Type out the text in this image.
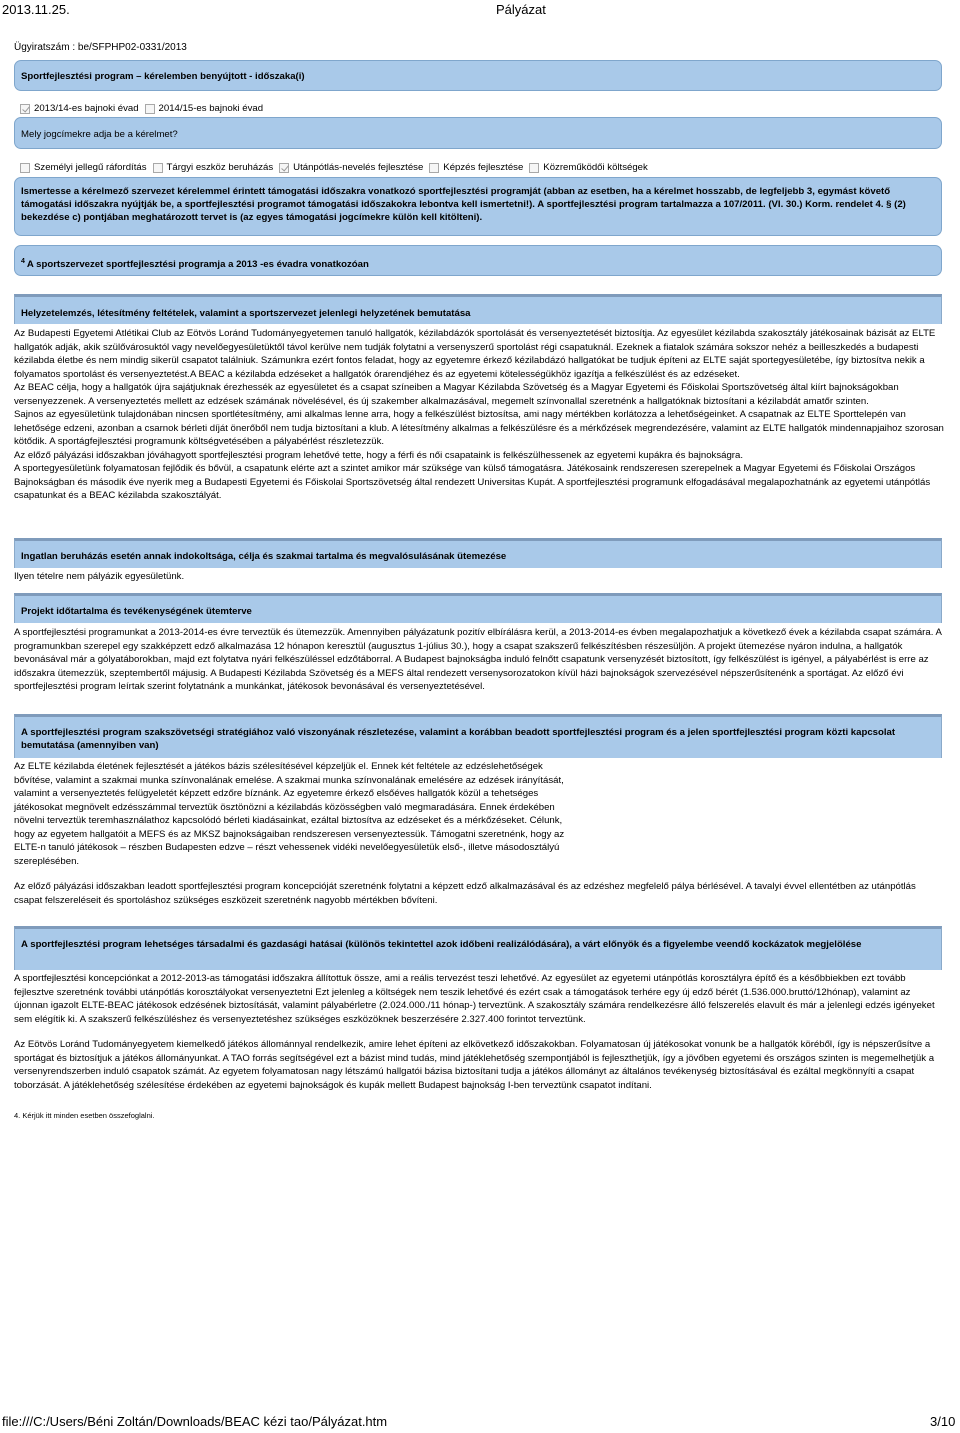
2013.11.25.	Pályázat
Ügyiratszám : be/SFPHP02-0331/2013
Sportfejlesztési program – kérelemben benyújtott - időszaka(i)
2013/14-es bajnoki évad 2014/15-es bajnoki évad
Mely jogcímekre adja be a kérelmet?
Személyi jellegű ráfordítás Tárgyi eszköz beruházás Utánpótlás-nevelés fejlesztése Képzés fejlesztése Közreműködői költségek
Ismertesse a kérelmező szervezet kérelemmel érintett támogatási időszakra vonatkozó sportfejlesztési programját (abban az esetben, ha a kérelmet hosszabb, de legfeljebb 3, egymást követő támogatási időszakra nyújtják be, a sportfejlesztési programot támogatási időszakokra lebontva kell ismertetni!). A sportfejlesztési program tartalmazza a 107/2011. (VI. 30.) Korm. rendelet 4. § (2) bekezdése c) pontjában meghatározott tervet is (az egyes támogatási jogcímekre külön kell kitölteni).
$^4$ A sportszervezet sportfejlesztési programja a 2013 -es évadra vonatkozóan
Helyzetelemzés, létesítmény feltételek, valamint a sportszervezet jelenlegi helyzetének bemutatása
Az Budapesti Egyetemi Atlétikai Club az Eötvös Loránd Tudományegyetemen tanuló hallgatók, kézilabdázók sportolását és versenyeztetését biztosítja. Az egyesület kézilabda szakosztály játékosainak bázisát az ELTE hallgatók adják, akik szülővárosuktól vagy nevelőegyesületüktől távol kerülve nem tudják folytatni a versenyszerű sportolást régi csapatuknál. Ezeknek a fiatalok számára sokszor nehéz a beilleszkedés a budapesti kézilabda életbe és nem mindig sikerül csapatot találniuk. Számunkra ezért fontos feladat, hogy az egyetemre érkező kézilabdázó hallgatókat be tudjuk építeni az ELTE saját sportegyesületébe, így biztosítva nekik a folyamatos sportolást és versenyeztetést.A BEAC a kézilabda edzéseket a hallgatók órarendjéhez és az egyetemi kötelességükhöz igazítja a felkészülést és az edzéseket.
Az BEAC célja, hogy a hallgatók újra sajátjuknak érezhessék az egyesületet és a csapat színeiben a Magyar Kézilabda Szövetség és a Magyar Egyetemi és Főiskolai Sportszövetség által kiírt bajnokságokban versenyezzenek. A versenyeztetés mellett az edzések számának növelésével, és új szakember alkalmazásával, megemelt színvonallal szeretnénk a hallgatóknak biztosítani a kézilabdát amatőr szinten.
Sajnos az egyesületünk tulajdonában nincsen sportlétesítmény, ami alkalmas lenne arra, hogy a felkészülést biztosítsa, ami nagy mértékben korlátozza a lehetőségeinket. A csapatnak az ELTE Sporttelepén van lehetősége edzeni, azonban a csarnok bérleti díját önerőből nem tudja biztosítani a klub. A létesítmény alkalmas a felkészülésre és a mérkőzések megrendezésére, valamint az ELTE hallgatók mindennapjaihoz szorosan kötődik. A sportágfejlesztési programunk költségvetésében a pályabérlést részletezzük.
Az előző pályázási időszakban jóváhagyott sportfejlesztési program lehetővé tette, hogy a férfi és női csapataink is felkészülhessenek az egyetemi kupákra és bajnokságra.
A sportegyesületünk folyamatosan fejlődik és bővül, a csapatunk elérte azt a szintet amikor már szüksége van külső támogatásra. Játékosaink rendszeresen szerepelnek a Magyar Egyetemi és Főiskolai Országos Bajnokságban és második éve nyerik meg a Budapesti Egyetemi és Főiskolai Sportszövetség által rendezett Universitas Kupát. A sportfejlesztési programunk elfogadásával megalapozhatnánk az egyetemi utánpótlás csapatunkat és a BEAC kézilabda szakosztályát.
Ingatlan beruházás esetén annak indokoltsága, célja és szakmai tartalma és megvalósulásának ütemezése
Ilyen tételre nem pályázik egyesületünk.
Projekt időtartalma és tevékenységének ütemterve
A sportfejlesztési programunkat a 2013-2014-es évre terveztük és ütemezzük. Amennyiben pályázatunk pozitív elbírálásra kerül, a 2013-2014-es évben megalapozhatjuk a következő évek a kézilabda csapat számára. A programunkban szerepel egy szakképzett edző alkalmazása 12 hónapon keresztül (augusztus 1-július 30.), hogy a csapat szakszerű felkészítésben részesüljön. A projekt ütemezése nyáron indulna, a hallgatók bevonásával már a gólyatáborokban, majd ezt folytatva nyári felkészüléssel edzőtáborral. A Budapest bajnokságba induló felnőtt csapatunk versenyzését biztosított, így felkészülést is igényel, a pályabérlést is erre az időszakra ütemezzük, szeptembertől májusig. A Budapesti Kézilabda Szövetség és a MEFS által rendezett versenysorozatokon kívül házi bajnokságok szervezésével népszerűsítenénk a sportágat. Az előző évi sportfejlesztési program leírtak szerint folytatnánk a munkánkat, játékosok bevonásával és versenyeztetésével.
A sportfejlesztési program szakszövetségi stratégiához való viszonyának részletezése, valamint a korábban beadott sportfejlesztési program és a jelen sportfejlesztési program közti kapcsolat bemutatása (amennyiben van)
Az ELTE kézilabda életének fejlesztését a játékos bázis szélesítésével képzeljük el. Ennek két feltétele az edzéslehetőségek bővítése, valamint a szakmai munka színvonalának emelése. A szakmai munka színvonalának emelésére az edzések irányítását, valamint a versenyeztetés felügyeletét képzett edzőre bíznánk. Az egyetemre érkező elsőéves hallgatók közül a tehetséges játékosokat megnövelt edzésszámmal terveztük ösztönözni a kézilabdás közösségben való megmaradására. Ennek érdekében növelni terveztük teremhasználathoz kapcsolódó bérleti kiadásainkat, ezáltal biztosítva az edzéseket és a mérkőzéseket. Célunk, hogy az egyetem hallgatóit a MEFS és az MKSZ bajnokságaiban rendszeresen versenyeztessük. Támogatni szeretnénk, hogy az ELTE-n tanuló játékosok – részben Budapesten edzve – részt vehessenek vidéki nevelőegyesületük első-, illetve másodosztályú szereplésében.
Az előző pályázási időszakban leadott sportfejlesztési program koncepcióját szeretnénk folytatni a képzett edző alkalmazásával és az edzéshez megfelelő pálya bérlésével. A tavalyi évvel ellentétben az utánpótlás csapat felszereléseit és sportoláshoz szükséges eszközeit szeretnénk nagyobb mértékben bővíteni.
A sportfejlesztési program lehetséges társadalmi és gazdasági hatásai (különös tekintettel azok időbeni realizálódására), a várt előnyök és a figyelembe veendő kockázatok megjelölése
A sportfejlesztési koncepciónkat a 2012-2013-as támogatási időszakra állítottuk össze, ami a reális tervezést teszi lehetővé. Az egyesület az egyetemi utánpótlás korosztályra építő és a későbbiekben ezt tovább fejlesztve szeretnénk további utánpótlás korosztályokat versenyeztetni Ezt jelenleg a költségek nem teszik lehetővé és ezért csak a támogatások terhére egy új edző bérét (1.536.000.bruttó/12hónap), valamint az újonnan igazolt ELTE-BEAC játékosok edzésének biztosítását, valamint pályabérletre (2.024.000./11 hónap-) terveztünk. A szakosztály számára rendelkezésre álló felszerelés elavult és már a jelenlegi edzés igényeket sem elégítik ki. A szakszerű felkészüléshez és versenyeztetéshez szükséges eszközöknek beszerzésére 2.327.400 forintot terveztünk.
Az Eötvös Loránd Tudományegyetem kiemelkedő játékos állománnyal rendelkezik, amire lehet építeni az elkövetkező időszakokban. Folyamatosan új játékosokat vonunk be a hallgatók köréből, így is népszerűsítve a sportágat és biztosítjuk a játékos állományunkat. A TAO forrás segítségével ezt a bázist mind tudás, mind játéklehetőség szempontjából is fejleszthetjük, így a jövőben egyetemi és országos szinten is megemelhetjük a versenyrendszerben induló csapatok számát. Az egyetem folyamatosan nagy létszámú hallgatói bázisa biztosítani tudja a játékos állományt az általános tevékenység biztosításával és ezáltal megkönnyíti a csapat toborzását. A játéklehetőség szélesítése érdekében az egyetemi bajnokságok és kupák mellett Budapest bajnokság I-ben terveztünk csapatot indítani.
4. Kérjük itt minden esetben összefoglalni.
file:///C:/Users/Béni Zoltán/Downloads/BEAC kézi tao/Pályázat.htm	3/10
